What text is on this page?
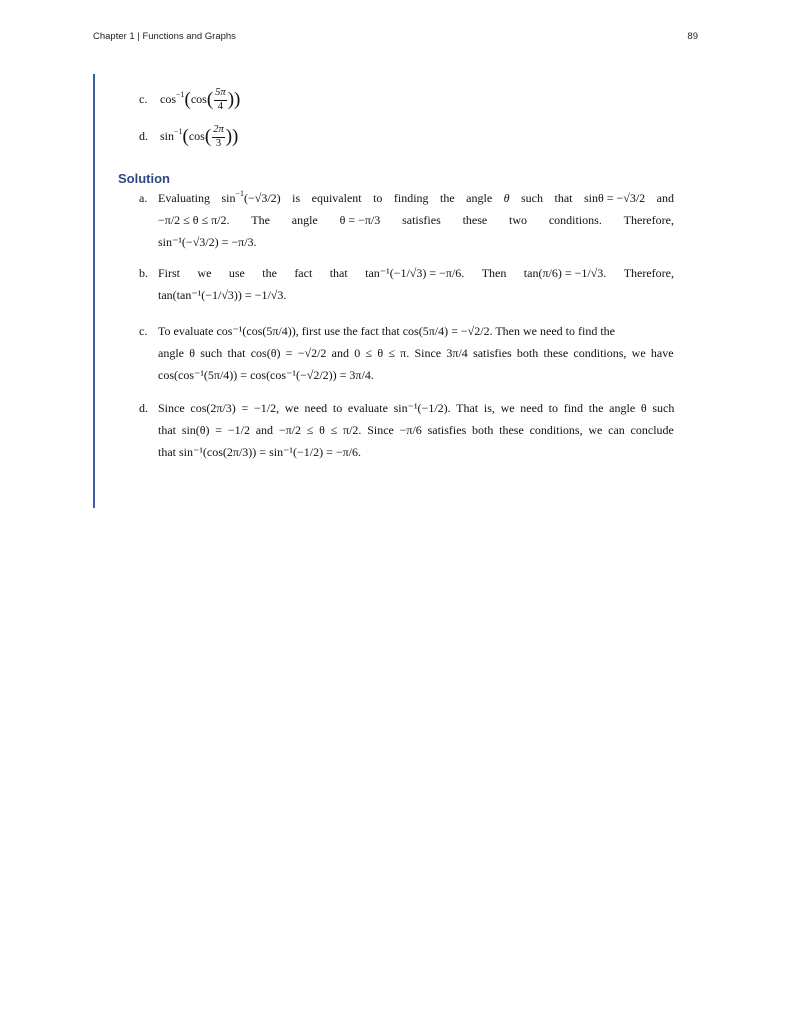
Chapter 1 | Functions and Graphs	89
c. $\cos^{-1}(\cos( \frac{5\pi}{4}$ ))
d. $\sin^{-1}(\cos( \frac{2\pi}{3}$ ))
Solution
a. Evaluating $\sin^{-1}(-√3/2)$ is equivalent to finding the angle θ such that sinθ = −√3/2 and
−π/2 ≤ θ ≤ π/2. The angle θ = −π/3 satisfies these two conditions. Therefore,
sin⁻¹(−√3/2) = −π/3.
b. First we use the fact that tan⁻¹(−1/√3) = −π/6. Then tan(π/6) = −1/√3. Therefore,
tan(tan⁻¹(−1/√3)) = −1/√3.
c. To evaluate cos⁻¹(cos(5π/4)), first use the fact that cos(5π/4) = −√2/2. Then we need to find the
angle θ such that cos(θ) = −√2/2 and 0 ≤ θ ≤ π. Since 3π/4 satisfies both these conditions, we have
cos(cos⁻¹(5π/4)) = cos(cos⁻¹(−√2/2)) = 3π/4.
d. Since cos(2π/3) = −1/2, we need to evaluate sin⁻¹(−1/2). That is, we need to find the angle θ such
that sin(θ) = −1/2 and −π/2 ≤ θ ≤ π/2. Since −π/6 satisfies both these conditions, we can conclude
that sin⁻¹(cos(2π/3)) = sin⁻¹(−1/2) = −π/6.
